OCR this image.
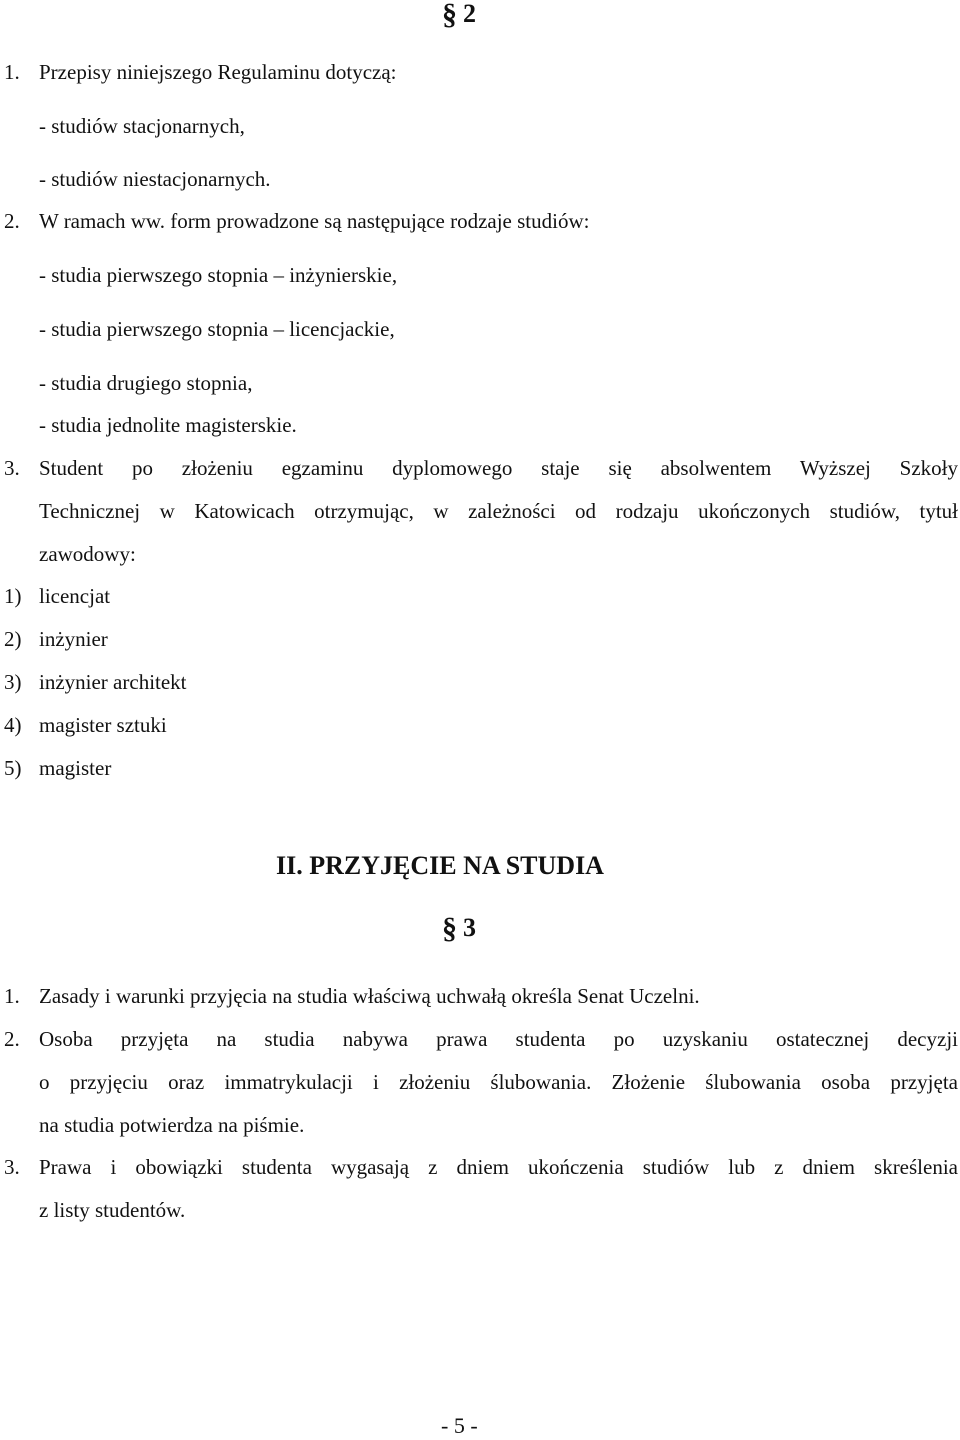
§ 2
1. Przepisy niniejszego Regulaminu dotyczą:
- studiów stacjonarnych,
- studiów niestacjonarnych.
2. W ramach ww. form prowadzone są następujące rodzaje studiów:
- studia pierwszego stopnia – inżynierskie,
- studia pierwszego stopnia – licencjackie,
- studia drugiego stopnia,
- studia jednolite magisterskie.
3. Student po złożeniu egzaminu dyplomowego staje się absolwentem Wyższej Szkoły
Technicznej w Katowicach otrzymując, w zależności od rodzaju ukończonych studiów, tytuł
zawodowy:
1) licencjat
2) inżynier
3) inżynier architekt
4) magister sztuki
5) magister
II. PRZYJĘCIE NA STUDIA
§ 3
1. Zasady i warunki przyjęcia na studia właściwą uchwałą określa Senat Uczelni.
2. Osoba przyjęta na studia nabywa prawa studenta po uzyskaniu ostatecznej decyzji
o przyjęciu oraz immatrykulacji i złożeniu ślubowania. Złożenie ślubowania osoba przyjęta
na studia potwierdza na piśmie.
3. Prawa i obowiązki studenta wygasają z dniem ukończenia studiów lub z dniem skreślenia
z listy studentów.
- 5 -
